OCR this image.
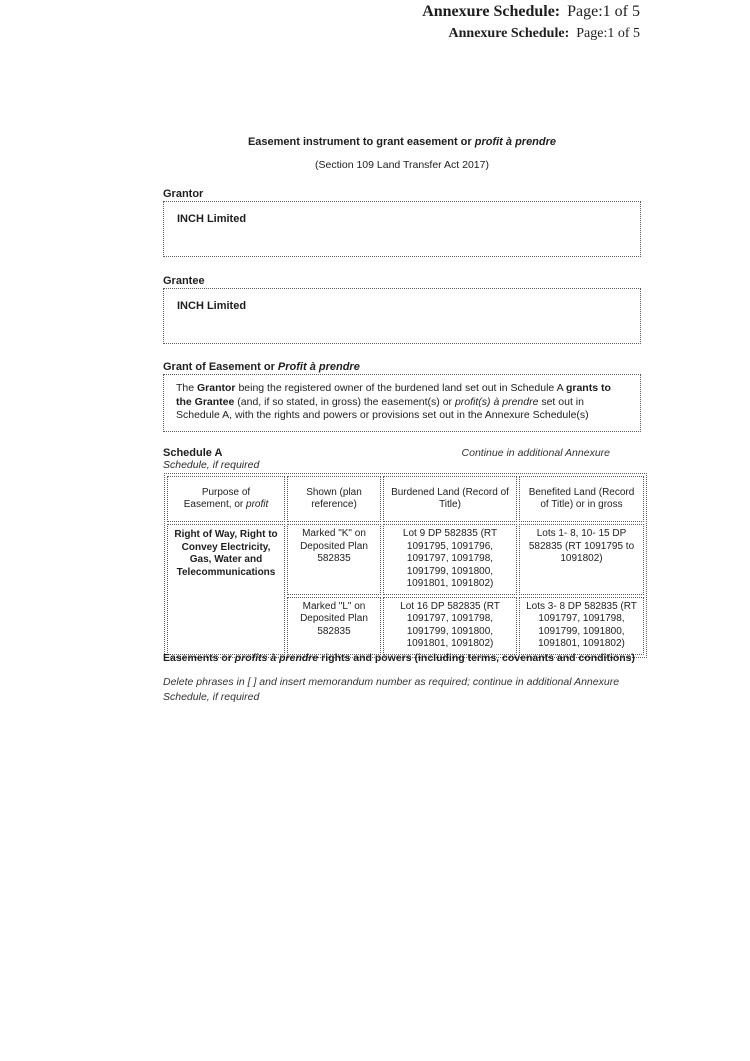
Annexure Schedule: Page:1 of 5
Annexure Schedule: Page:1 of 5
Easement instrument to grant easement or profit à prendre
(Section 109 Land Transfer Act 2017)
Grantor
INCH Limited
Grantee
INCH Limited
Grant of Easement or Profit à prendre

The Grantor being the registered owner of the burdened land set out in Schedule A grants to the Grantee (and, if so stated, in gross) the easement(s) or profit(s) à prendre set out in Schedule A, with the rights and powers or provisions set out in the Annexure Schedule(s)

Schedule A
Schedule, if required
Continue in additional Annexure
Purpose of
Easement, or profit	Shown (plan reference)	Burdened Land (Record of Title)	Benefited Land (Record of Title) or in gross
Right of Way, Right to Convey Electricity, Gas, Water and Telecommunications	Marked "K" on Deposited Plan 582835	Lot 9 DP 582835 (RT 1091795, 1091796, 1091797, 1091798, 1091799, 1091800, 1091801, 1091802)	Lots 1- 8, 10- 15 DP 582835 (RT 1091795 to 1091802)
	Marked "L" on Deposited Plan 582835	Lot 16 DP 582835 (RT 1091797, 1091798, 1091799, 1091800, 1091801, 1091802)	Lots 3- 8 DP 582835 (RT 1091797, 1091798, 1091799, 1091800, 1091801, 1091802)
Easements or profits à prendre rights and powers (including terms, covenants and conditions)
Delete phrases in [ ] and insert memorandum number as required; continue in additional Annexure Schedule, if required
